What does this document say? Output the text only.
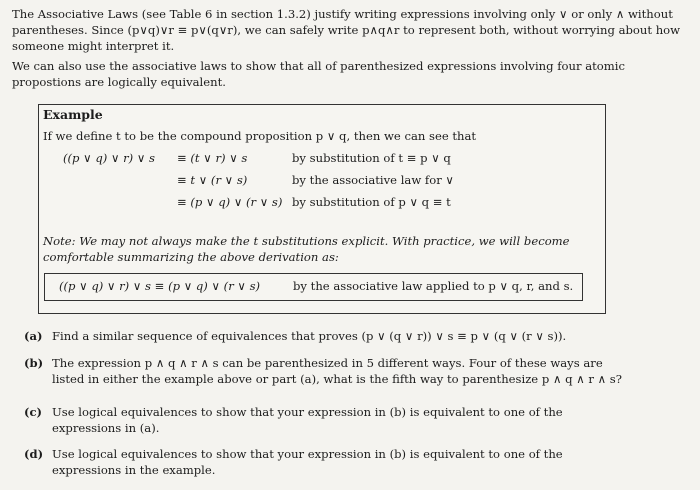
The Associative Laws (see Table 6 in section 1.3.2) justify writing expressions involving only ∨ or only ∧ without parentheses. Since (p∨q)∨r ≡ p∨(q∨r), we can safely write p∧q∧r to represent both, without worrying about how someone might interpret it.
We can also use the associative laws to show that all of parenthesized expressions involving four atomic propostions are logically equivalent.
Example
If we define t to be the compound proposition p ∨ q, then we can see that
((p ∨ q) ∨ r) ∨ s ≡ (t ∨ r) ∨ s	by substitution of t ≡ p ∨ q
≡ t ∨ (r ∨ s)	by the associative law for ∨
≡ (p ∨ q) ∨ (r ∨ s) by substitution of p ∨ q ≡ t
Note: We may not always make the t substitutions explicit. With practice, we will become comfortable summarizing the above derivation as:
((p ∨ q) ∨ r) ∨ s ≡ (p ∨ q) ∨ (r ∨ s)	by the associative law applied to p ∨ q, r, and s.
(a) Find a similar sequence of equivalences that proves (p ∨ (q ∨ r)) ∨ s ≡ p ∨ (q ∨ (r ∨ s)).
(b) The expression p ∧ q ∧ r ∧ s can be parenthesized in 5 different ways. Four of these ways are listed in either the example above or part (a), what is the fifth way to parenthesize p ∧ q ∧ r ∧ s?
(c) Use logical equivalences to show that your expression in (b) is equivalent to one of the expressions in (a).
(d) Use logical equivalences to show that your expression in (b) is equivalent to one of the expressions in the example.
